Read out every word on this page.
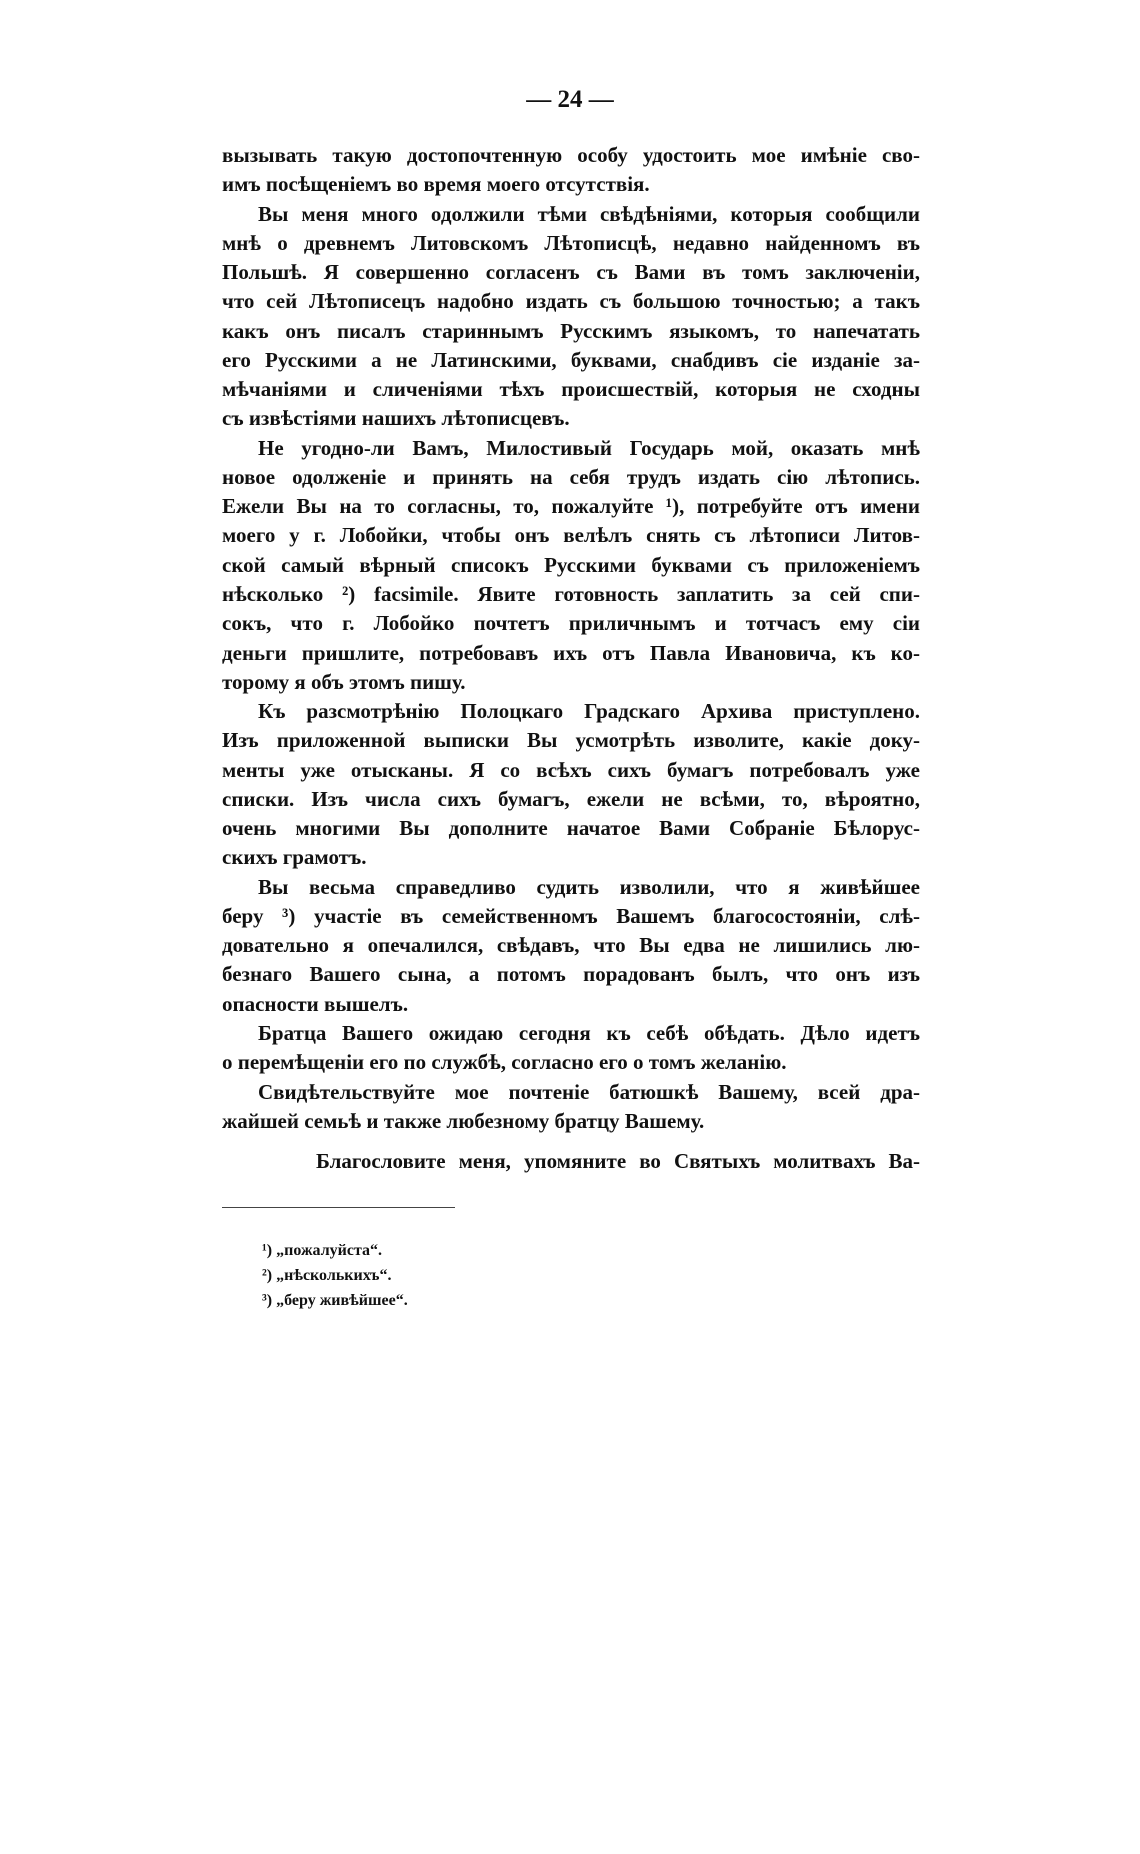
— 24 —
вызывать такую достопочтенную особу удостоить мое имѣніе сво-
имъ посѣщеніемъ во время моего отсутствія.
Вы меня много одолжили тѣми свѣдѣніями, которыя сообщили
мнѣ о древнемъ Литовскомъ Лѣтописцѣ, недавно найденномъ въ
Польшѣ. Я совершенно согласенъ съ Вами въ томъ заключеніи,
что сей Лѣтописецъ надобно издать съ большою точностью; а такъ
какъ онъ писалъ стариннымъ Русскимъ языкомъ, то напечатать
его Русскими а не Латинскими, буквами, снабдивъ сіе изданіе за-
мѣчаніями и сличеніями тѣхъ происшествій, которыя не сходны
съ извѣстіями нашихъ лѣтописцевъ.
Не угодно-ли Вамъ, Милостивый Государь мой, оказать мнѣ
новое одолженіе и принять на себя трудъ издать сію лѣтопись.
Ежели Вы на то согласны, то, пожалуйте ¹), потребуйте отъ имени
моего у г. Лобойки, чтобы онъ велѣлъ снять съ лѣтописи Литов-
ской самый вѣрный списокъ Русскими буквами съ приложеніемъ
нѣсколько ²) facsimile. Явите готовность заплатить за сей спи-
сокъ, что г. Лобойко почтетъ приличнымъ и тотчасъ ему сіи
деньги пришлите, потребовавъ ихъ отъ Павла Ивановича, къ ко-
торому я объ этомъ пишу.
Къ разсмотрѣнію Полоцкаго Градскаго Архива приступлено.
Изъ приложенной выписки Вы усмотрѣть изволите, какіе доку-
менты уже отысканы. Я со всѣхъ сихъ бумагъ потребовалъ уже
списки. Изъ числа сихъ бумагъ, ежели не всѣми, то, вѣроятно,
очень многими Вы дополните начатое Вами Собраніе Бѣлорус-
скихъ грамотъ.
Вы весьма справедливо судить изволили, что я живѣйшее
беру ³) участіе въ семейственномъ Вашемъ благосостояніи, слѣ-
довательно я опечалился, свѣдавъ, что Вы едва не лишились лю-
безнаго Вашего сына, а потомъ порадованъ былъ, что онъ изъ
опасности вышелъ.
Братца Вашего ожидаю сегодня къ себѣ обѣдать. Дѣло идетъ
о перемѣщеніи его по службѣ, согласно его о томъ желанію.
Свидѣтельствуйте мое почтеніе батюшкѣ Вашему, всей дра-
жайшей семьѣ и также любезному братцу Вашему.
Благословите меня, упомяните во Святыхъ молитвахъ Ва-
¹) „пожалуйста“.
²) „нѣсколькихъ“.
³) „беру живѣйшее“.
